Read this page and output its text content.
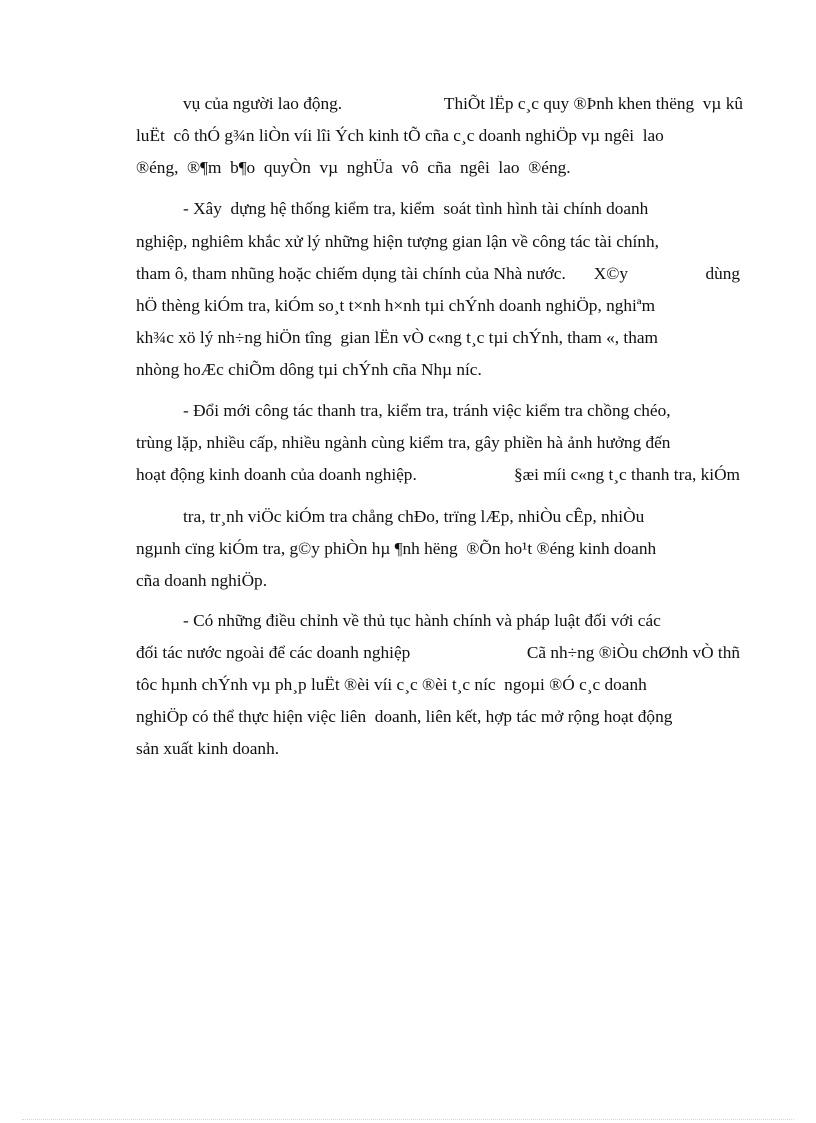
vụ của người lao động.	ThiÕt lËp c¸c quy ®Þnh khen thëng  vµ kû
luËt  cô thÓ g¾n liÒn víi lîi Ých kinh tÕ cña c¸c doanh nghiÖp vµ ngêi  lao
®éng,  ®¶m  b¶o  quyÒn  vµ  nghÜa  vô  cña  ngêi  lao  ®éng.
- Xây  dựng hệ thống kiểm tra, kiểm  soát tình hình tài chính doanh
nghiệp, nghiêm khắc xử lý những hiện tượng gian lận về công tác tài chính,
tham ô, tham nhũng hoặc chiếm dụng tài chính của Nhà nước. X©y	dùng
hÖ thèng kiÓm tra, kiÓm so¸t t×nh h×nh tµi chÝnh doanh nghiÖp, nghiªm
kh¾c xö lý nh÷ng hiÖn tîng  gian lËn vÒ c«ng t¸c tµi chÝnh, tham «, tham
nhòng hoÆc chiÕm dông tµi chÝnh cña Nhµ níc.
- Đổi mới công tác thanh tra, kiểm tra, tránh việc kiểm tra chồng chéo,
trùng lặp, nhiều cấp, nhiều ngành cùng kiểm tra, gây phiền hà ảnh hưởng đến
hoạt động kinh doanh của doanh nghiệp.	§æi míi c«ng t¸c thanh tra, kiÓm
tra, tr¸nh viÖc kiÓm tra chång chÐo, trïng lÆp, nhiÒu cÊp, nhiÒu
ngµnh cïng kiÓm tra, g©y phiÒn hµ ¶nh hëng  ®Õn ho¹t ®éng kinh doanh
cña doanh nghiÖp.
- Có những điều chỉnh về thủ tục hành chính và pháp luật đối với các
đối tác nước ngoài để các doanh nghiệp	Cã nh÷ng ®iÒu chØnh vÒ thñ
tôc hµnh chÝnh vµ ph¸p luËt ®èi víi c¸c ®èi t¸c níc  ngoµi ®Ó c¸c doanh
nghiÖp có thể thực hiện việc liên  doanh, liên kết, hợp tác mở rộng hoạt động
sản xuất kinh doanh.
